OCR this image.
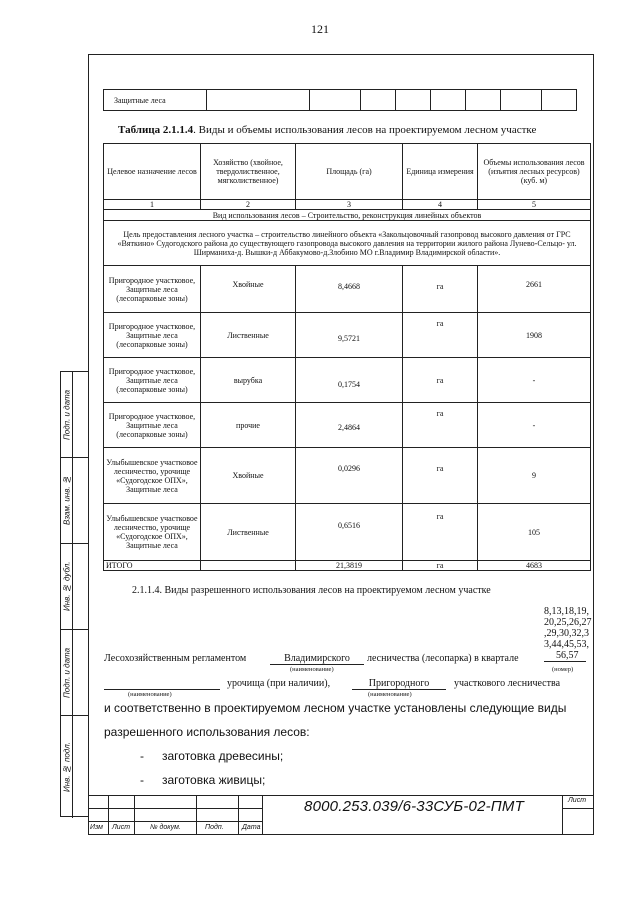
121
Защитные леса								
Таблица 2.1.1.4. Виды и объемы использования лесов на проектируемом лесном участке
Целевое назначение лесов	Хозяйство (хвойное, твердолиственное, мягколиственное)	Площадь (га)	Единица измерения	Объемы использования лесов (изъятия лесных ресурсов) (куб. м)
1	2	3	4	5
Вид использования лесов – Строительство, реконструкция линейных объектов				
Цель предоставления лесного участка – строительство линейного объекта «Закольцовочный газопровод высокого давления от ГРС «Вяткино» Судогодского района до существующего газопровода высокого давления на территории жилого района Лунево-Сельцо- ул. Ширманиха-д. Вышки-д Аббакумово-д.Злобино МО г.Владимир Владимирской области».				
Пригородное участковое, Защитные леса (лесопарковые зоны)	Хвойные	8,4668	га	2661
Пригородное участковое, Защитные леса (лесопарковые зоны)	Лиственные	9,5721	га	1908
Пригородное участковое, Защитные леса (лесопарковые зоны)	вырубка	0,1754	га	-
Пригородное участковое, Защитные леса (лесопарковые зоны)	прочие	2,4864	га	-
Улыбышевское участковое лесничество, урочище «Судогодское ОПХ», Защитные леса	Хвойные	0,0296	га	9
Улыбышевское участковое лесничество, урочище «Судогодское ОПХ», Защитные леса	Лиственные	0,6516	га	105
ИТОГО		21,3819	га	4683
2.1.1.4. Виды разрешенного использования лесов на проектируемом лесном участке
8,13,18,19,
20,25,26,27
,29,30,32,3
3,44,45,53,
56,57
Лесохозяйственным регламентом	Владимирского	лесничества (лесопарка) в квартале
(наименование)	(номер)
урочища (при наличии),	Пригородного	участкового лесничества
(наименование)	(наименование)
и соответственно в проектируемом лесном участке установлены следующие виды
разрешенного использования лесов:
- заготовка древесины;
- заготовка живицы;
Подп. и дата
Взам. инв. №
Инв. № дубл.
Подп. и дата
Инв. № подл.
8000.253.039/6-33СУБ-02-ПМТ	Лист
Изм Лист	№ докум.	Подп.	Дата
